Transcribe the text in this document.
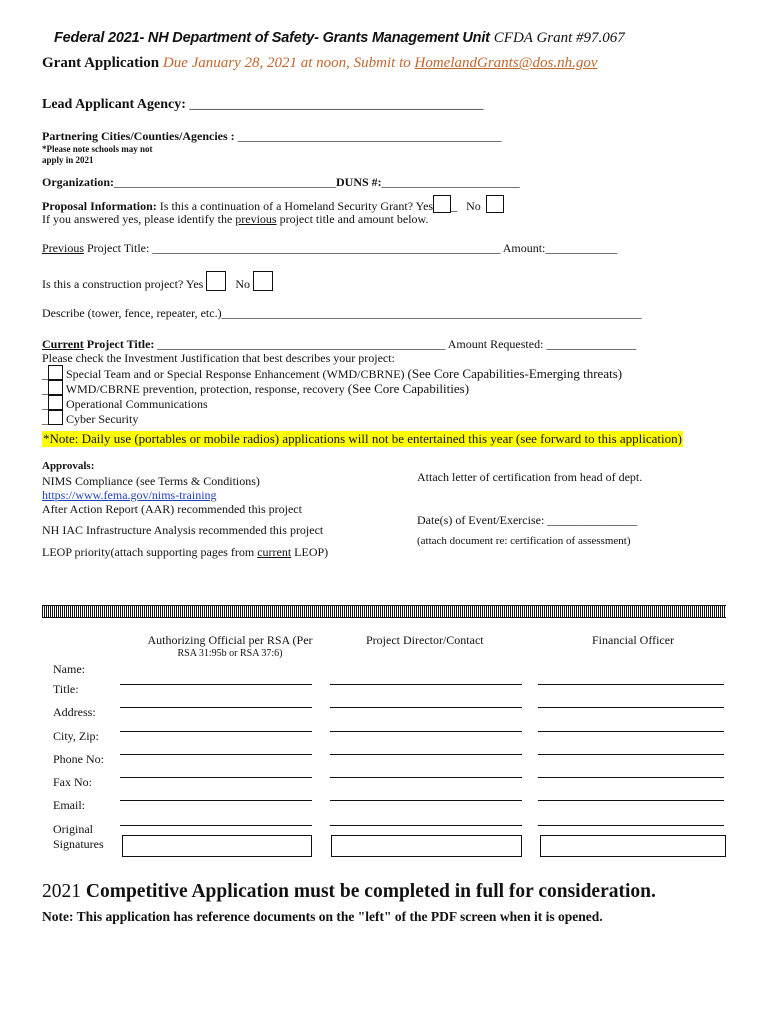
Federal 2021- NH Department of Safety- Grants Management Unit CFDA Grant #97.067
Grant Application Due January 28, 2021 at noon, Submit to HomelandGrants@dos.nh.gov
Lead Applicant Agency: __________________________________________
Partnering Cities/Counties/Agencies : ____________________________________________
*Please note schools may not
apply in 2021
Organization:_____________________________________DUNS #:_______________________
Proposal Information: Is this a continuation of a Homeland Security Grant? Yes _ No
If you answered yes, please identify the previous project title and amount below.
Previous Project Title: __________________________________________________________ Amount:____________
Is this a construction project? Yes	No
Describe (tower, fence, repeater, etc.)______________________________________________________________________
Current Project Title: ________________________________________________ Amount Requested: _______________
Please check the Investment Justification that best describes your project:
_ Special Team and or Special Response Enhancement (WMD/CBRNE) (See Core Capabilities-Emerging threats)
_ WMD/CBRNE prevention, protection, response, recovery (See Core Capabilities)
_ Operational Communications
_ Cyber Security
*Note: Daily use (portables or mobile radios) applications will not be entertained this year (see forward to this application)
Approvals:
NIMS Compliance (see Terms & Conditions)
https://www.fema.gov/nims-training
After Action Report (AAR) recommended this project
NH IAC Infrastructure Analysis recommended this project
LEOP priority(attach supporting pages from current LEOP)
Attach letter of certification from head of dept.
Date(s) of Event/Exercise: _______________
(attach document re: certification of assessment)
Authorizing Official per RSA (Per
RSA 31:95b or RSA 37:6)
Project Director/Contact	Financial Officer
Name:
Title:
Address:
City, Zip:
Phone No:
Fax No:
Email:
Original
Signatures
2021 Competitive Application must be completed in full for consideration.
Note: This application has reference documents on the "left" of the PDF screen when it is opened.
